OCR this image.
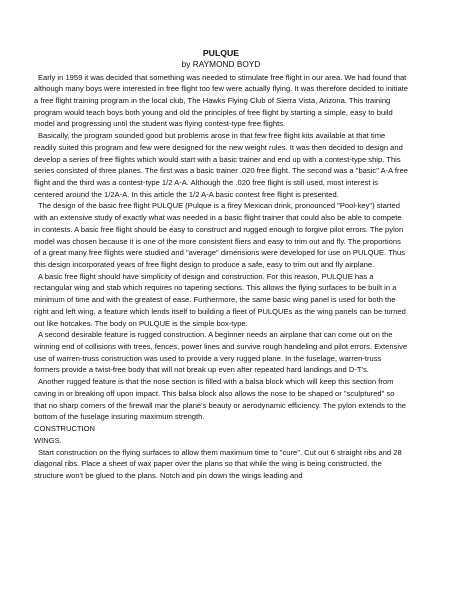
PULQUE
by RAYMOND BOYD

Early in 1959 it was decided that something was needed to stimulate free flight in our area. We had found that although many boys were interested in free flight too few were actually flying. It was therefore decided to initiate a free flight training program in the local club, The Hawks Flying Club of Sierra Vista, Arizona. This training program would teach boys both young and old the principles of free flight by starting a simple, easy to build model and progressing until the student was flying contest-type free flights.

Basically, the program sounded good but problems arose in that few free flight kits available at that time readily suited this program and few were designed for the new weight rules. It was then decided to design and develop a series of free flights which would start with a basic trainer and end up with a contest-type ship. This series consisted of three planes. The first was a basic trainer .020 free flight. The second was a "basic" A-A free flight and the third was a contest-type 1/2 A-A. Although the .020 free flight is still used, most interest is centered around the 1/2A-A. In this article the 1/2 A-A basic contest free flight is presented.

The design of the basic free flight PULQUE (Pulque is a firey Mexican drink, pronounced "Pool-key") started with an extensive study of exactly what was needed in a basic flight trainer that could also be able to compete in contests. A basic free flight should be easy to construct and rugged enough to forgive pilot errors. The pylon model was chosen because it is one of the more consistent fliers and easy to trim out and fly. The proportions of a great many free flights were studied and "average" dimensions were developed for use on PULQUE. Thus this design incorporated years of free flight design to produce a safe, easy to trim out and fly airplane.

A basic free flight should have simplicity of design and construction. For this reason, PULQUE has a rectangular wing and stab which requires no tapering sections. This allows the flying surfaces to be built in a minimum of time and with the greatest of ease. Furthermore, the same basic wing panel is used for both the right and left wing, a feature which lends itself to building a fleet of PULQUEs as the wing panels can be turned out like hotcakes. The body on PULQUE is the simple box-type.

A second desirable feature is rugged construction. A beginner needs an airplane that can come out on the winning end of collisions with trees, fences, power lines and survive rough handeling and pilot errors. Extensive use of warren-truss construction was used to provide a very rugged plane. In the fuselage, warren-truss formers provide a twist-free body that will not break up even after repeated hard landings and D-T's.

Another rugged feature is that the nose section is filled with a balsa block which will keep this section from caving in or breaking off upon impact. This balsa block also allows the nose to be shaped or "sculptured" so that no sharp corners of the firewall mar the plane's beauty or aerodynamic efficiency. The pylon extends to the bottom of the fuselage insuring maximum strength.

CONSTRUCTION

WINGS.

Start construction on the flying surfaces to allow them maximum time to "cure". Cut out 6 straight ribs and 28 diagonal ribs. Place a sheet of wax paper over the plans so that while the wing is being constructed, the structure won't be glued to the plans. Notch and pin down the wings leading and
